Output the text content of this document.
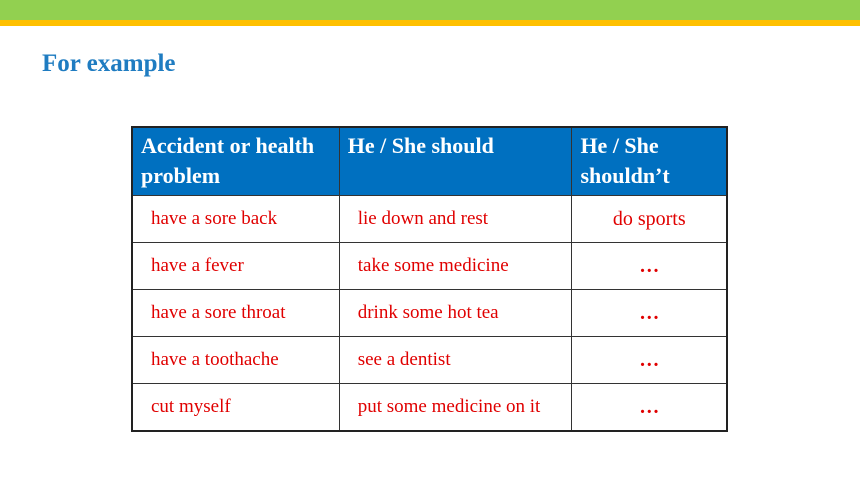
For example
Accident or health problem	He / She should	He / She shouldn’t
have a sore back	lie down and rest	do sports
have a fever	take some medicine	…
have a sore throat	drink some hot tea	…
have a toothache	see a dentist	…
cut myself	put some medicine on it	…
